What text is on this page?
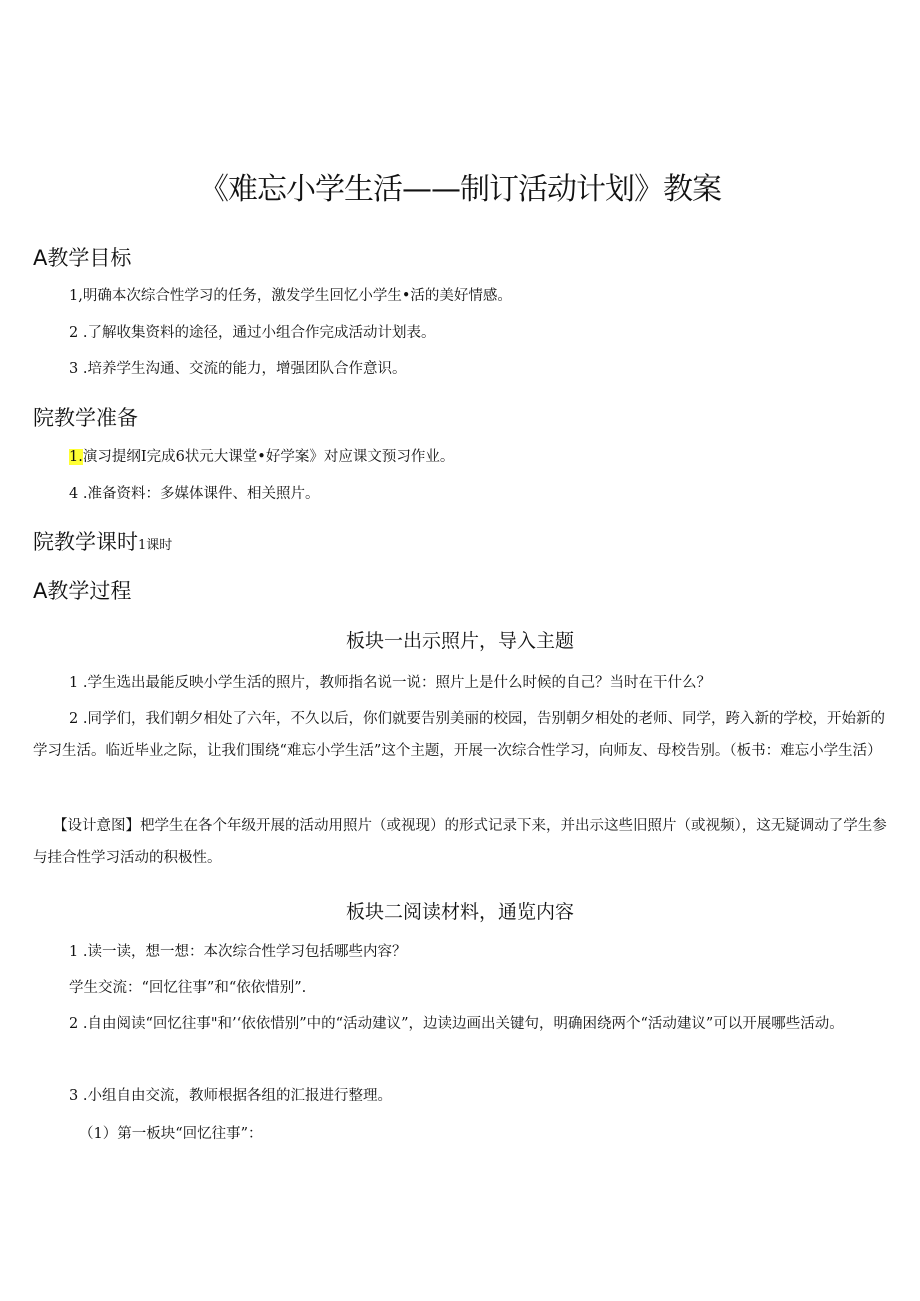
《难忘小学生活——制订活动计划》教案
A教学目标
1,明确本次综合性学习的任务，激发学生回忆小学生•活的美好情感。
2 .了解收集资料的途径，通过小组合作完成活动计划表。
3 .培养学生沟通、交流的能力，增强团队合作意识。
院教学准备
1.演习提纲I完成6状元大课堂•好学案》对应课文预习作业。
4 .准备资料：多媒体课件、相关照片。
院教学课时1课时
A教学过程
板块一出示照片，导入主题
1 .学生选出最能反映小学生活的照片，教师指名说一说：照片上是什么时候的自己？当时在干什么？
2 .同学们，我们朝夕相处了六年，不久以后，你们就要告别美丽的校园，告别朝夕相处的老师、同学，跨入新的学校，开始新的学习生活。临近毕业之际，让我们围绕“难忘小学生活”这个主题，开展一次综合性学习，向师友、母校告别。（板书：难忘小学生活）
【设计意图】杷学生在各个年级开展的活动用照片（或视现）的形式记录下来，并出示这些旧照片（或视频），这无疑调动了学生参与挂合性学习活动的积极性。
板块二阅读材料，通览内容
1 .读一读，想一想：本次综合性学习包括哪些内容？
学生交流：“回忆往事”和“依依惜别”.
2 .自由阅读“回忆往事"和’‘依依惜别”中的“活动建议”，边读边画出关键句，明确困绕两个“活动建议”可以开展哪些活动。
3 .小组自由交流，教师根据各组的汇报进行整理。
（1）第一板块“回忆往事”：
